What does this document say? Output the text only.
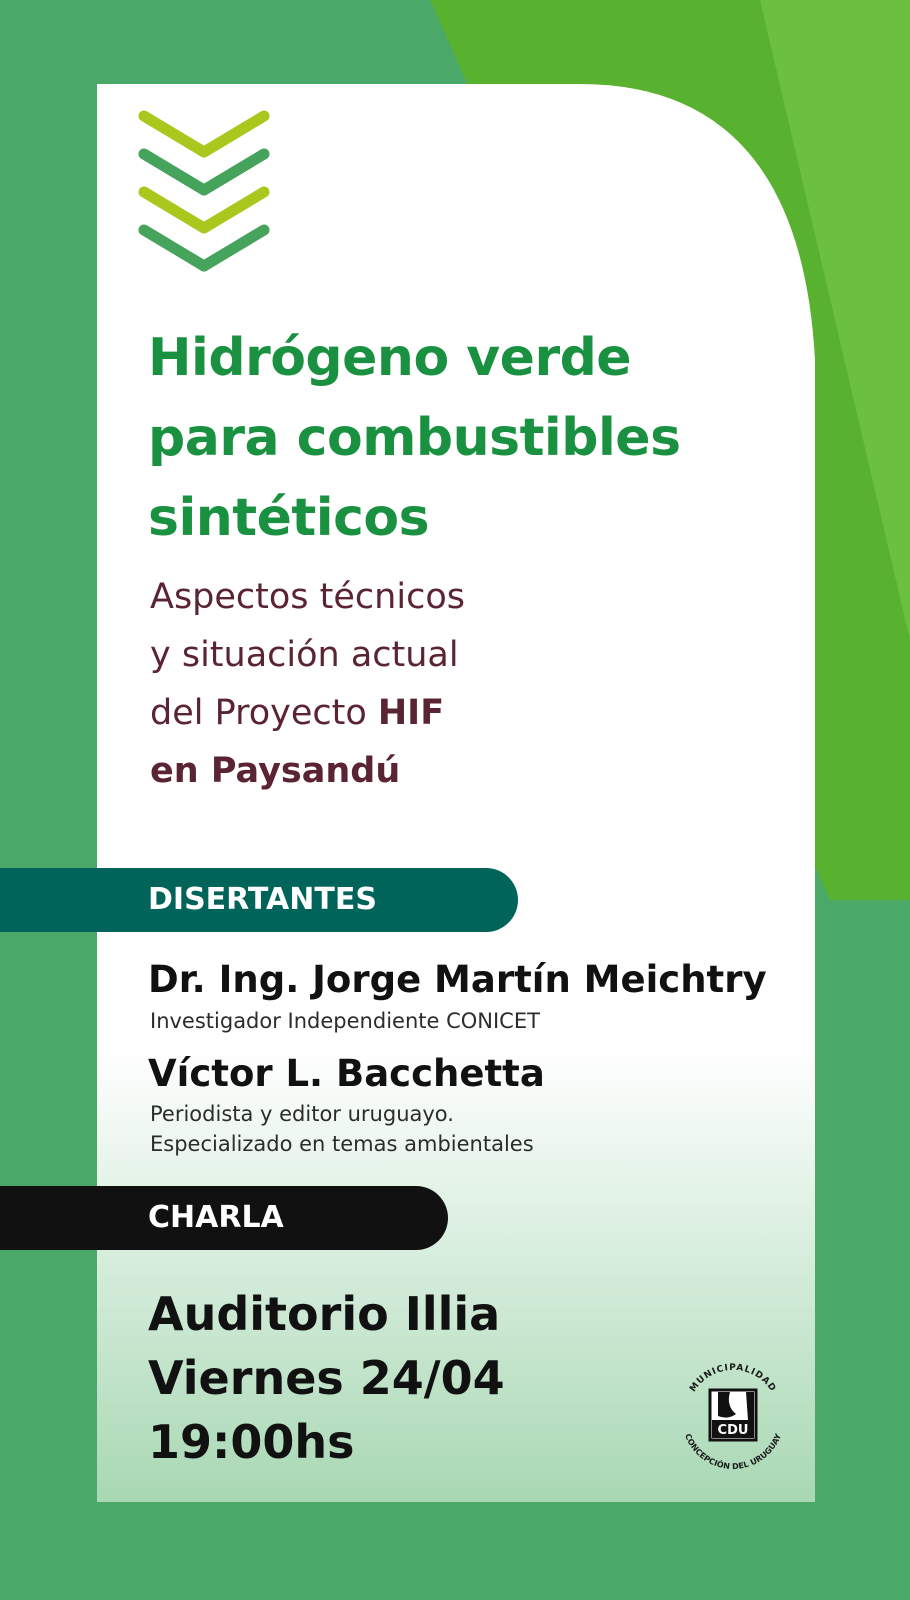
Hidrógeno verde
para combustibles
sintéticos

Aspectos técnicos
y situación actual
del Proyecto HIF
en Paysandú

DISERTANTES

Dr. Ing. Jorge Martín Meichtry

Investigador Independiente CONICET

Víctor L. Bacchetta

Periodista y editor uruguayo.

Especializado en temas ambientales

CHARLA

Auditorio Illia
Viernes 24/04
19:00hs

MUNICIPALIDAD
CONCEPCIÓN DEL URUGUAY
CDU
